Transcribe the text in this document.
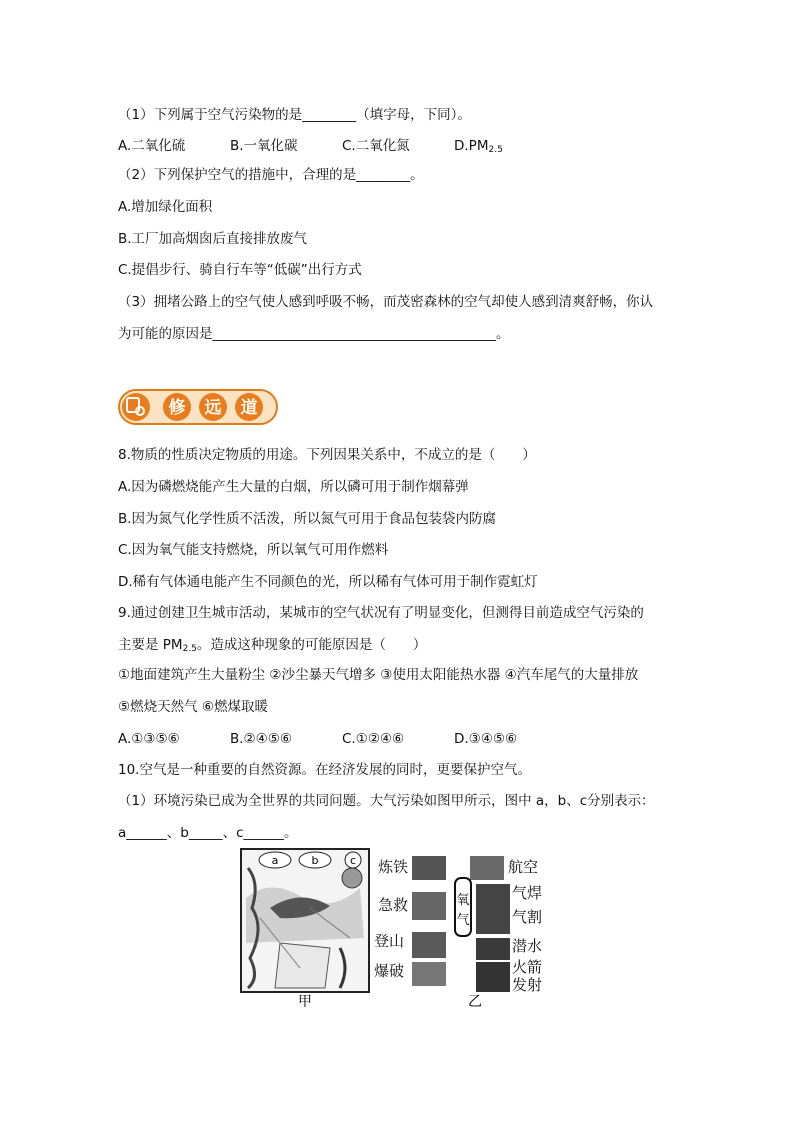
（1）下列属于空气污染物的是________（填字母，下同）。
A.二氧化硫	B.一氧化碳	C.二氧化氮	$D.PM_{2.5}$
（2）下列保护空气的措施中，合理的是________。
A.增加绿化面积
B.工厂加高烟囱后直接排放废气
C.提倡步行、骑自行车等“低碳”出行方式
（3）拥堵公路上的空气使人感到呼吸不畅，而茂密森林的空气却使人感到清爽舒畅，你认
为可能的原因是__________________________________________。
修 远 道
8.物质的性质决定物质的用途。下列因果关系中，不成立的是（　　）
A.因为磷燃烧能产生大量的白烟，所以磷可用于制作烟幕弹
B.因为氮气化学性质不活泼，所以氮气可用于食品包装袋内防腐
C.因为氧气能支持燃烧，所以氧气可用作燃料
D.稀有气体通电能产生不同颜色的光，所以稀有气体可用于制作霓虹灯
9.通过创建卫生城市活动，某城市的空气状况有了明显变化，但测得目前造成空气污染的
主要是 $PM_{2.5}$。造成这种现象的可能原因是（　　）
①地面建筑产生大量粉尘 ②沙尘暴天气增多 ③使用太阳能热水器 ④汽车尾气的大量排放
⑤燃烧天然气 ⑥燃煤取暖
A.①③⑤⑥	B.②④⑤⑥	C.①②④⑥	D.③④⑤⑥
10.空气是一种重要的自然资源。在经济发展的同时，更要保护空气。
（1）环境污染已成为全世界的共同问题。大气污染如图甲所示，图中 a，b、c分别表示：
a______、b_____、c______。
a	b	c
甲
炼铁	航空
急救	氧
气
气焊
气割
登山	潜水
爆破	火箭
发射
乙
